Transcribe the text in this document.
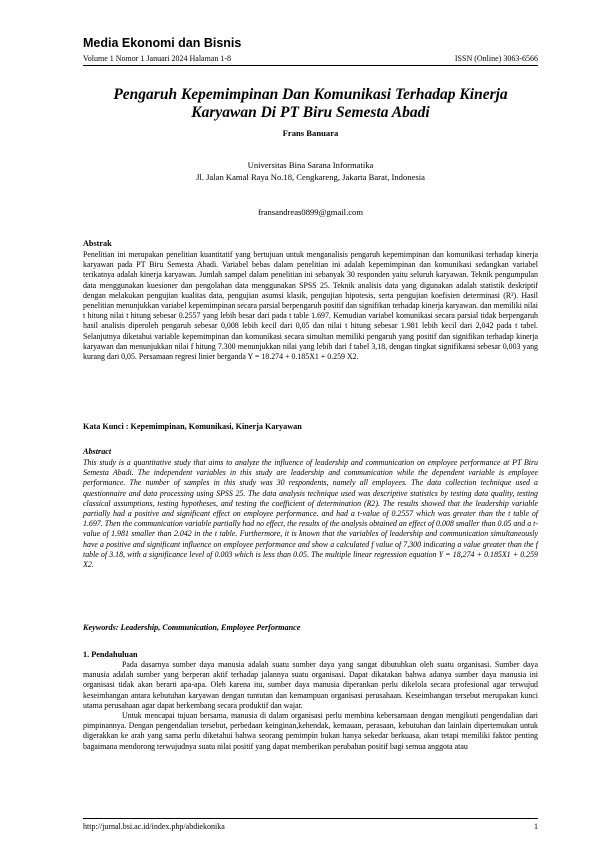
Media Ekonomi dan Bisnis
Volume 1 Nomor 1 Januari 2024 Halaman 1-8	ISSN (Online) 3063-6566
Pengaruh Kepemimpinan Dan Komunikasi Terhadap Kinerja Karyawan Di PT Biru Semesta Abadi
Frans Banuara
Universitas Bina Sarana Informatika
Jl. Jalan Kamal Raya No.18, Cengkareng, Jakarta Barat, Indonesia
fransandreas0899@gmail.com
Abstrak

Penelitian ini merupakan penelitian kuantitatif yang bertujuan untuk menganalisis pengaruh kepemimpinan dan komunikasi terhadap kinerja karyawan pada PT Biru Semesta Abadi. Variabel bebas dalam penelitian ini adalah kepemimpinan dan komunikasi sedangkan variabel terikatnya adalah kinerja karyawan. Jumlah sampel dalam penelitian ini sebanyak 30 responden yaitu seluruh karyawan. Teknik pengumpulan data menggunakan kuesioner dan pengolahan data menggunakan SPSS 25. Teknik analisis data yang digunakan adalah statistik deskriptif dengan melakukan pengujian kualitas data, pengujian asumsi klasik, pengujian hipotesis, serta pengujian koefisien determinasi (R²). Hasil penelitian menunjukkan variabel kepemimpinan secara parsial berpengaruh positif dan signifikan terhadap kinerja karyawan. dan memiliki nilai t hitung nilai t hitung sebesar 0.2557 yang lebih besar dari pada t table 1.697. Kemudian variabel komunikasi secara parsial tidak berpengaruh hasil analisis diperoleh pengaruh sebesar 0,008 lebih kecil dari 0,05 dan nilai t hitung sebesar 1.981 lebih kecil dari 2,042 pada t tabel. Selanjutnya diketahui variable kepemimpinan dan komunikasi secara simultan memiliki pengaruh yang positif dan signifikan terhadap kinerja karyawan dan menunjukkan nilai f hitung 7.300 menunjukkan nilai yang lebih dari f tabel 3,18, dengan tingkat signifikansi sebesar 0,003 yang kurang dari 0,05. Persamaan regresi linier berganda Y = 18.274 + 0.185X1 + 0.259 X2.

Kata Kunci : Kepemimpinan, Komunikasi, Kinerja Karyawan
Abstract

This study is a quantitative study that aims to analyze the influence of leadership and communication on employee performance at PT Biru Semesta Abadi. The independent variables in this study are leadership and communication while the dependent variable is employee performance. The number of samples in this study was 30 respondents, namely all employees. The data collection technique used a questionnaire and data processing using SPSS 25. The data analysis technique used was descriptive statistics by testing data quality, testing classical assumptions, testing hypotheses, and testing the coefficient of determination (R2). The results showed that the leadership variable partially had a positive and significant effect on employee performance. and had a t-value of 0.2557 which was greater than the t table of 1.697. Then the communication variable partially had no effect, the results of the analysis obtained an effect of 0.008 smaller than 0.05 and a t-value of 1.981 smaller than 2.042 in the t table. Furthermore, it is known that the variables of leadership and communication simultaneously have a positive and significant influence on employee performance and show a calculated f value of 7,300 indicating a value greater than the f table of 3.18, with a significance level of 0.003 which is less than 0.05. The multiple linear regression equation Y = 18,274 + 0.185X1 + 0.259 X2.

Keywords: Leadership, Communication, Employee Performance
1. Pendahuluan

Pada dasarnya sumber daya manusia adalah suatu sumber daya yang sangat dibutuhkan oleh suatu organisasi. Sumber daya manusia adalah sumber yang berperan aktif terhadap jalannya suatu organisasi. Dapat dikatakan bahwa adanya sumber daya manusia ini organisasi tidak akan berarti apa-apa. Oleh karena itu, sumber daya manusia diperankan perlu dikelola secara profesional agar terwujud keseimbangan antara kebutuhan karyawan dengan tuntutan dan kemampuan organisasi perusahaan. Keseimbangan tersebut merupakan kunci utama perusahaan agar dapat berkembang secara produktif dan wajar.

Untuk mencapai tujuan bersama, manusia di dalam organisasi perlu membina kebersamaan dengan mengikuti pengendalian dari pimpinannya. Dengan pengendalian tersebut, perbedaan keinginan,kehendak, kemauan, perasaan, kebutuhan dan lainlain dipertemukan untuk digerakkan ke arah yang sama perlu diketahui bahwa seorang pemimpin bukan hanya sekedar berkuasa, akan tetapi memiliki faktor penting bagaimana mendorong terwujudnya suatu nilai positif yang dapat memberikan perubahan positif bagi semua anggota atau

http://jurnal.bsi.ac.id/index.php/abdiekonika	1
